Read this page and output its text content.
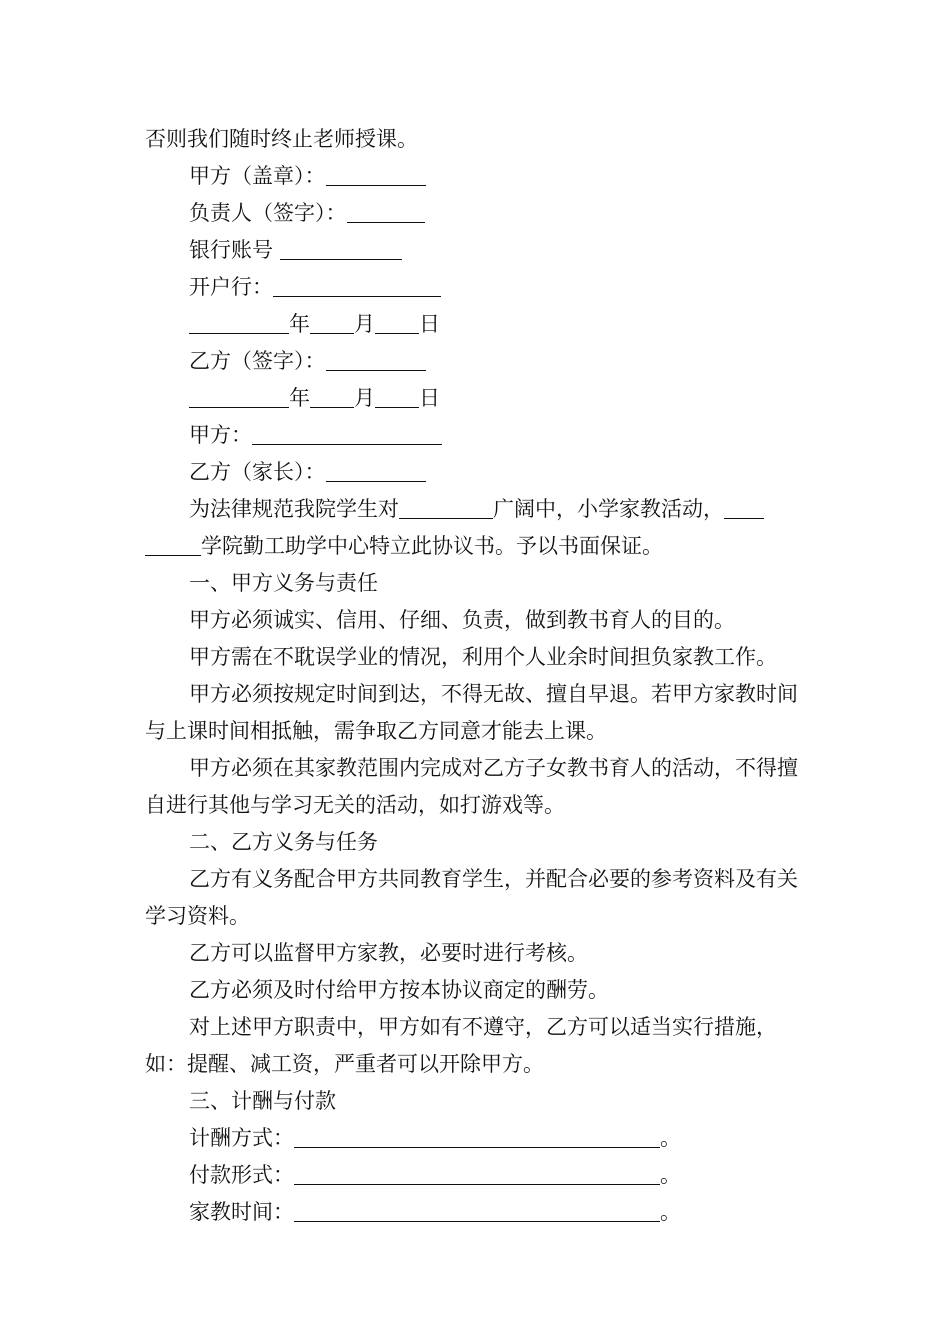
否则我们随时终止老师授课。

甲方（盖章）：

负责人（签字）：

银行账号

开户行：

年 月 日

乙方（签字）：

年 月 日

甲方：

乙方（家长）：

为法律规范我院学生对	广阔中，小学家教活动，
学院勤工助学中心特立此协议书。予以书面保证。

一、甲方义务与责任

甲方必须诚实、信用、仔细、负责，做到教书育人的目的。

甲方需在不耽误学业的情况，利用个人业余时间担负家教工作。

甲方必须按规定时间到达，不得无故、擅自早退。若甲方家教时间与上课时间相抵触，需争取乙方同意才能去上课。

甲方必须在其家教范围内完成对乙方子女教书育人的活动，不得擅自进行其他与学习无关的活动，如打游戏等。

二、乙方义务与任务

乙方有义务配合甲方共同教育学生，并配合必要的参考资料及有关学习资料。

乙方可以监督甲方家教，必要时进行考核。

乙方必须及时付给甲方按本协议商定的酬劳。

对上述甲方职责中，甲方如有不遵守，乙方可以适当实行措施，如：提醒、减工资，严重者可以开除甲方。

三、计酬与付款

计酬方式：	。

付款形式：	。

家教时间：	。
